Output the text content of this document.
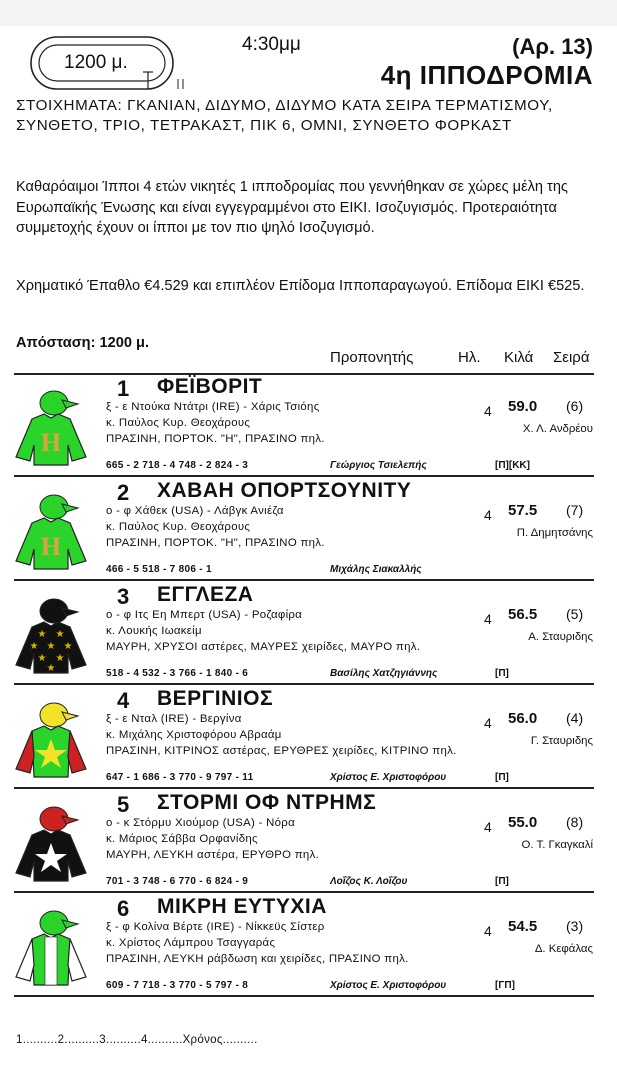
1200 μ.
4:30μμ	(Αρ. 13)
4η ΙΠΠΟΔΡΟΜΙΑ
ΣΤΟΙΧΗΜΑΤΑ: ΓΚΑΝΙΑΝ, ΔΙΔΥΜΟ, ΔΙΔΥΜΟ ΚΑΤΑ ΣΕΙΡΑ ΤΕΡΜΑΤΙΣΜΟΥ, ΣΥΝΘΕΤΟ, ΤΡΙΟ, ΤΕΤΡΑΚΑΣΤ, ΠΙΚ 6, ΟΜΝΙ, ΣΥΝΘΕΤΟ ΦΟΡΚΑΣΤ
Καθαρόαιμοι Ίπποι 4 ετών νικητές 1 ιπποδρομίας που γεννήθηκαν σε χώρες μέλη της Ευρωπαϊκής Ένωσης και είναι εγγεγραμμένοι στο ΕΙΚΙ. Ισοζυγισμός. Προτεραιότητα συμμετοχής έχουν οι ίπποι με τον πιο ψηλό Ισοζυγισμό.
Χρηματικό Έπαθλο €4.529 και επιπλέον Επίδομα Ιπποπαραγωγού. Επίδομα ΕΙΚΙ €525.
Απόσταση: 1200 μ.
Προπονητής	Ηλ. Κιλά Σειρά
H
1 ΦΕΪΒΟΡΙΤ
ξ - ε Ντούκα Ντάτρι (IRE) - Χάρις Τσιόης
κ. Παύλος Κυρ. Θεοχάρους
ΠΡΑΣΙΝΗ, ΠΟΡΤΟΚ. "Η", ΠΡΑΣΙΝΟ πηλ.
4 59.0 (6)
Χ. Λ. Ανδρέου
665 - 2 718 - 4 748 - 2 824 - 3	Γεώργιος Τσιελεπής	[Π][ΚΚ]
H
2 ΧΑΒΑΗ ΟΠΟΡΤΣΟΥΝΙΤΥ
ο - φ Χάθεκ (USA) - Λάβγκ Ανιέζα
κ. Παύλος Κυρ. Θεοχάρους
ΠΡΑΣΙΝΗ, ΠΟΡΤΟΚ. "Η", ΠΡΑΣΙΝΟ πηλ.
4 57.5 (7)
Π. Δημητσάνης
466 - 5 518 - 7 806 - 1	Μιχάλης Σιακαλλής
★ ★
★ ★ ★
★ ★
★
3 ΕΓΓΛΕΖΑ
ο - φ Ιτς Εη Μπερτ (USA) - Ροζαφίρα
κ. Λουκής Ιωακείμ
ΜΑΥΡΗ, ΧΡΥΣΟΙ αστέρες, ΜΑΥΡΕΣ χειρίδες, ΜΑΥΡΟ πηλ.
4 56.5 (5)
Α. Σταυριδης
518 - 4 532 - 3 766 - 1 840 - 6	Βασίλης Χατζηγιάννης	[Π]
4 ΒΕΡΓΙΝΙΟΣ
ξ - ε Νταλ (IRE) - Βεργίνα
κ. Μιχάλης Χριστοφόρου Αβραάμ
ΠΡΑΣΙΝΗ, ΚΙΤΡΙΝΟΣ αστέρας, ΕΡΥΘΡΕΣ χειρίδες, ΚΙΤΡΙΝΟ πηλ.
4 56.0 (4)
Γ. Σταυριδης
647 - 1 686 - 3 770 - 9 797 - 11	Χρίστος Ε. Χριστοφόρου	[Π]
5 ΣΤΟΡΜΙ ΟΦ ΝΤΡΗΜΣ
ο - κ Στόρμυ Χιούμορ (USA) - Νόρα
κ. Μάριος Σάββα Ορφανίδης
ΜΑΥΡΗ, ΛΕΥΚΗ αστέρα, ΕΡΥΘΡΟ πηλ.
4 55.0 (8)
Ο. Τ. Γκαγκαλί
701 - 3 748 - 6 770 - 6 824 - 9	Λοΐζος Κ. Λοΐζου	[Π]
6 ΜΙΚΡΗ ΕΥΤΥΧΙΑ
ξ - φ Κολίνα Βέρτε (IRE) - Νίκκεϋς Σίστερ
κ. Χρίστος Λάμπρου Τσαγγαράς
ΠΡΑΣΙΝΗ, ΛΕΥΚΗ ράβδωση και χειρίδες, ΠΡΑΣΙΝΟ πηλ.
4 54.5 (3)
Δ. Κεφάλας
609 - 7 718 - 3 770 - 5 797 - 8	Χρίστος Ε. Χριστοφόρου	[ΓΠ]
1..........2..........3..........4..........Χρόνος..........
